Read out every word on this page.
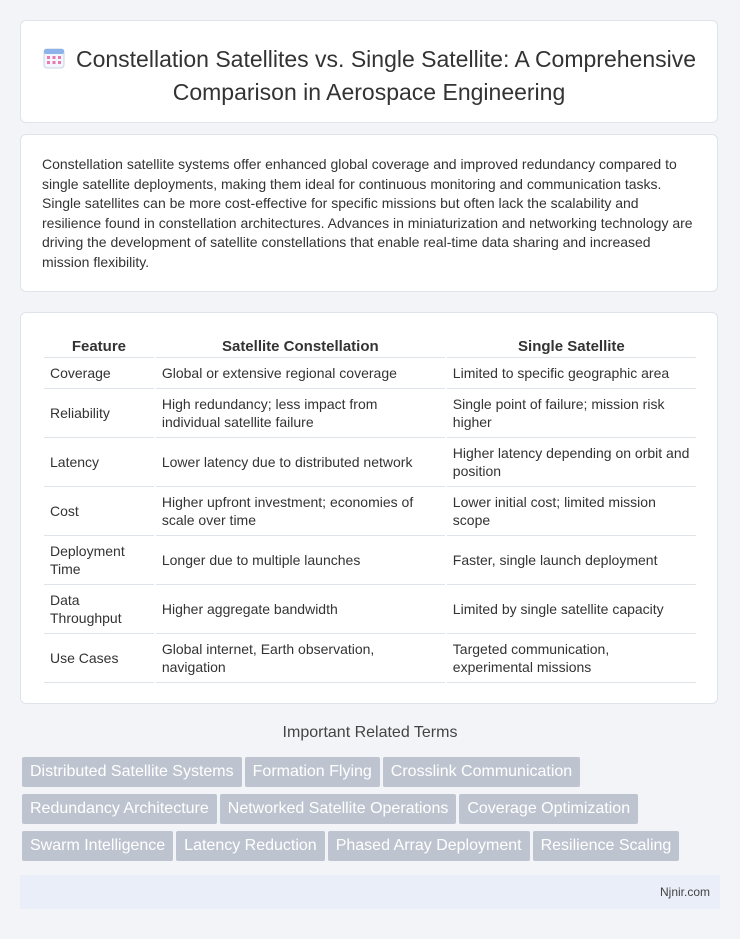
Constellation Satellites vs. Single Satellite: A Comprehensive Comparison in Aerospace Engineering

Constellation satellite systems offer enhanced global coverage and improved redundancy compared to single satellite deployments, making them ideal for continuous monitoring and communication tasks. Single satellites can be more cost-effective for specific missions but often lack the scalability and resilience found in constellation architectures. Advances in miniaturization and networking technology are driving the development of satellite constellations that enable real-time data sharing and increased mission flexibility.

Feature	Satellite Constellation	Single Satellite
Coverage	Global or extensive regional coverage	Limited to specific geographic area
Reliability	High redundancy; less impact from individual satellite failure	Single point of failure; mission risk higher
Latency	Lower latency due to distributed network	Higher latency depending on orbit and position
Cost	Higher upfront investment; economies of scale over time	Lower initial cost; limited mission scope
Deployment Time	Longer due to multiple launches	Faster, single launch deployment
Data Throughput	Higher aggregate bandwidth	Limited by single satellite capacity
Use Cases	Global internet, Earth observation, navigation	Targeted communication, experimental missions
Important Related Terms
Distributed Satellite Systems Formation Flying Crosslink Communication
Redundancy Architecture Networked Satellite Operations Coverage Optimization
Swarm Intelligence Latency Reduction Phased Array Deployment Resilience Scaling
Njnir.com
